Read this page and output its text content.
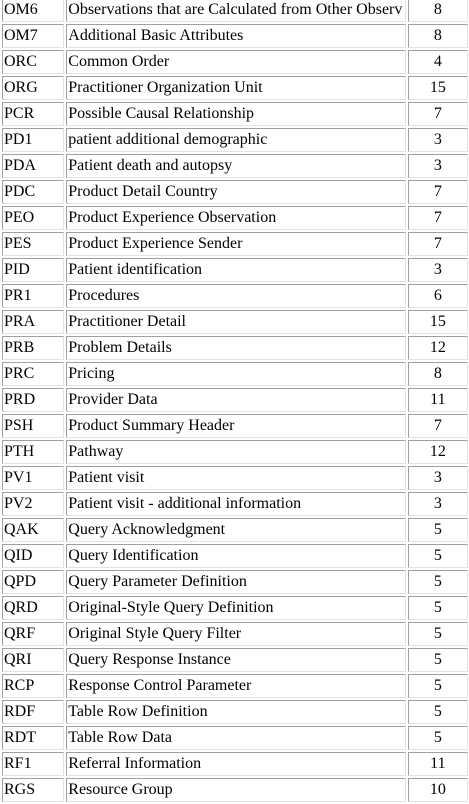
OM6	Observations that are Calculated from Other Observ	8
OM7	Additional Basic Attributes	8
ORC	Common Order	4
ORG	Practitioner Organization Unit	15
PCR	Possible Causal Relationship	7
PD1	patient additional demographic	3
PDA	Patient death and autopsy	3
PDC	Product Detail Country	7
PEO	Product Experience Observation	7
PES	Product Experience Sender	7
PID	Patient identification	3
PR1	Procedures	6
PRA	Practitioner Detail	15
PRB	Problem Details	12
PRC	Pricing	8
PRD	Provider Data	11
PSH	Product Summary Header	7
PTH	Pathway	12
PV1	Patient visit	3
PV2	Patient visit - additional information	3
QAK	Query Acknowledgment	5
QID	Query Identification	5
QPD	Query Parameter Definition	5
QRD	Original-Style Query Definition	5
QRF	Original Style Query Filter	5
QRI	Query Response Instance	5
RCP	Response Control Parameter	5
RDF	Table Row Definition	5
RDT	Table Row Data	5
RF1	Referral Information	11
RGS	Resource Group	10
